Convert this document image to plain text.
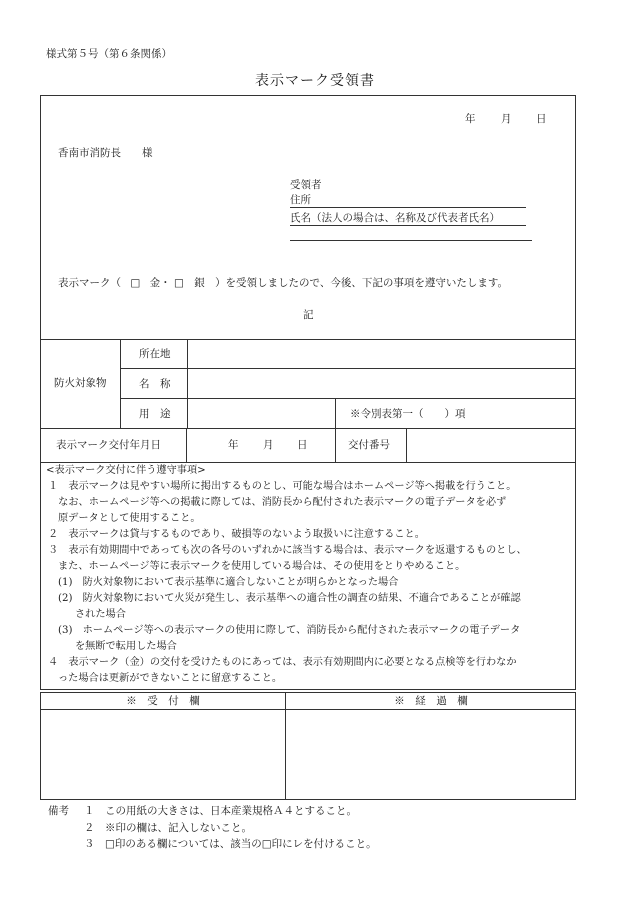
様式第５号（第６条関係）
表示マーク受領書
年 月 日
香南市消防長　　様
受領者
住所
氏名（法人の場合は、名称及び代表者氏名）
表示マーク（ □ 金・ □ 銀 ）を受領しましたので、今後、下記の事項を遵守いたします。
記
防火対象物
所在地
名　称
用　途	※令別表第一（　　）項
表示マーク交付年月日	年 月 日	交付番号
<表示マーク交付に伴う遵守事項>
１　表示マークは見やすい場所に掲出するものとし、可能な場合はホームページ等へ掲載を行うこと。
　なお、ホームページ等への掲載に際しては、消防長から配付された表示マークの電子データを必ず
原データとして使用すること。
２　表示マークは貸与するものであり、破損等のないよう取扱いに注意すること。
３　表示有効期間中であっても次の各号のいずれかに該当する場合は、表示マークを返還するものとし、
また、ホームページ等に表示マークを使用している場合は、その使用をとりやめること。
(1)　防火対象物において表示基準に適合しないことが明らかとなった場合
(2)　防火対象物において火災が発生し、表示基準への適合性の調査の結果、不適合であることが確認
された場合
(3)　ホームページ等への表示マークの使用に際して、消防長から配付された表示マークの電子データ
を無断で転用した場合
４　表示マーク（金）の交付を受けたものにあっては、表示有効期間内に必要となる点検等を行わなか
った場合は更新ができないことに留意すること。
※　受　付　欄	※　経　過　欄
備考 １　この用紙の大きさは、日本産業規格Ａ４とすること。
２　※印の欄は、記入しないこと。
３　□印のある欄については、該当の□印にレを付けること。
